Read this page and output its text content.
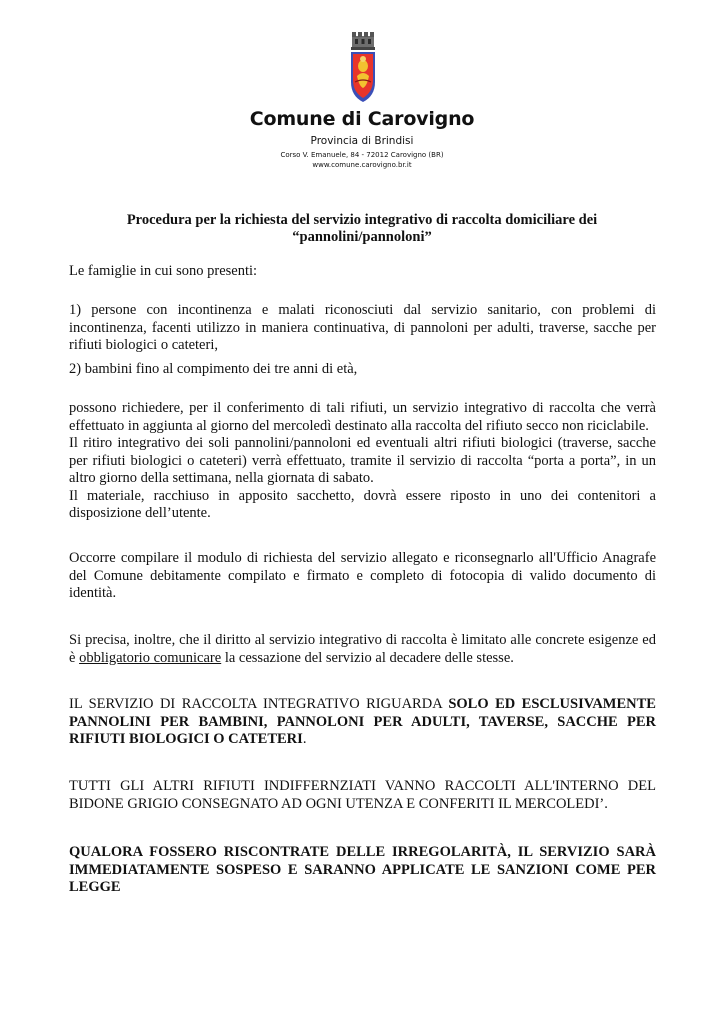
Comune di Carovigno
Provincia di Brindisi
Corso V. Emanuele, 84 - 72012 Carovigno (BR)
www.comune.carovigno.br.it
Procedura per la richiesta del servizio integrativo di raccolta domiciliare dei
“pannolini/pannoloni”
Le famiglie in cui sono presenti:
1) persone con incontinenza e malati riconosciuti dal servizio sanitario, con problemi di incontinenza, facenti utilizzo in maniera continuativa, di pannoloni per adulti, traverse, sacche per rifiuti biologici o cateteri,
2) bambini fino al compimento dei tre anni di età,
possono richiedere, per il conferimento di tali rifiuti, un servizio integrativo di raccolta che verrà effettuato in aggiunta al giorno del mercoledì destinato alla raccolta del rifiuto secco non riciclabile.
Il ritiro integrativo dei soli pannolini/pannoloni ed eventuali altri rifiuti biologici (traverse, sacche per rifiuti biologici o cateteri) verrà effettuato, tramite il servizio di raccolta “porta a porta”, in un altro giorno della settimana, nella giornata di sabato.
Il materiale, racchiuso in apposito sacchetto, dovrà essere riposto in uno dei contenitori a disposizione dell’utente.
Occorre compilare il modulo di richiesta del servizio allegato e riconsegnarlo all'Ufficio Anagrafe del Comune debitamente compilato e firmato e completo di fotocopia di valido documento di identità.
Si precisa, inoltre, che il diritto al servizio integrativo di raccolta è limitato alle concrete esigenze ed è obbligatorio comunicare la cessazione del servizio al decadere delle stesse.
IL SERVIZIO DI RACCOLTA INTEGRATIVO RIGUARDA SOLO ED ESCLUSIVAMENTE PANNOLINI PER BAMBINI, PANNOLONI PER ADULTI, TAVERSE, SACCHE PER RIFIUTI BIOLOGICI O CATETERI.
TUTTI GLI ALTRI RIFIUTI INDIFFERNZIATI VANNO RACCOLTI ALL'INTERNO DEL BIDONE GRIGIO CONSEGNATO AD OGNI UTENZA E CONFERITI IL MERCOLEDI’.
QUALORA FOSSERO RISCONTRATE DELLE IRREGOLARITÀ, IL SERVIZIO SARÀ IMMEDIATAMENTE SOSPESO E SARANNO APPLICATE LE SANZIONI COME PER LEGGE
